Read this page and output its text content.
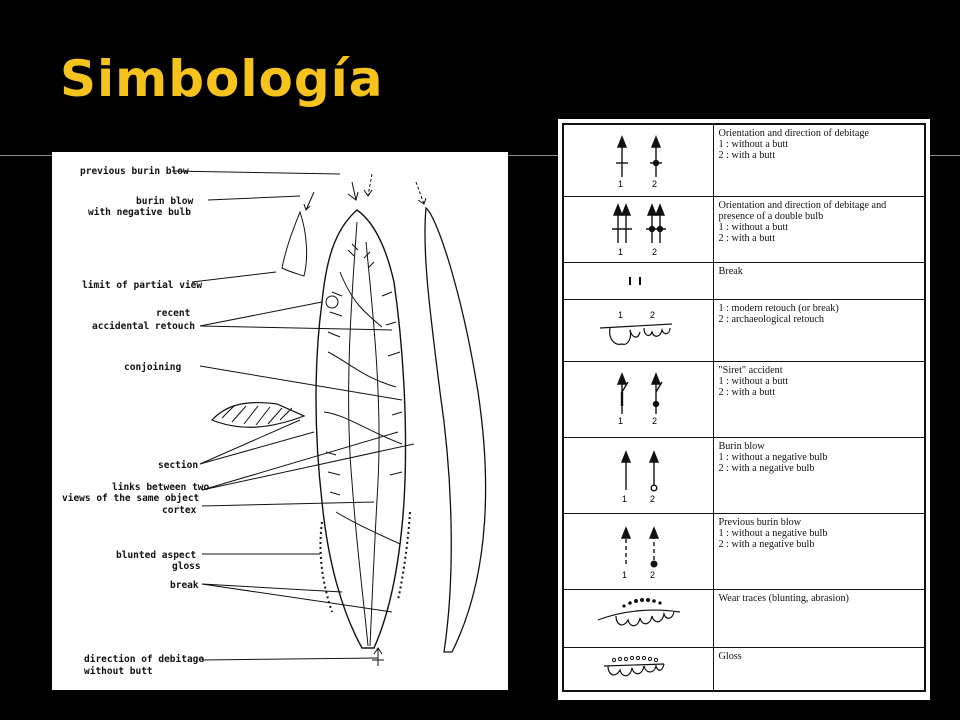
Simbología
previous burin blow
burin blow
with negative bulb
limit of partial view
recent
accidental retouch
conjoining
section
links between two
views of the same object
cortex
blunted aspect
gloss
break
direction of debitage
without butt
1 2	Orientation and direction of debitage
1 : without a butt
2 : with a butt

1 2	Orientation and direction of debitage and
presence of a double bulb
1 : without a butt
2 : with a butt

Break

1 2	1 : modern retouch (or break)
2 : archaeological retouch

1 2	"Siret" accident
1 : without a butt
2 : with a butt

1 2	Burin blow
1 : without a negative bulb
2 : with a negative bulb

1 2	Previous burin blow
1 : without a negative bulb
2 : with a negative bulb

Wear traces (blunting, abrasion)

Gloss
